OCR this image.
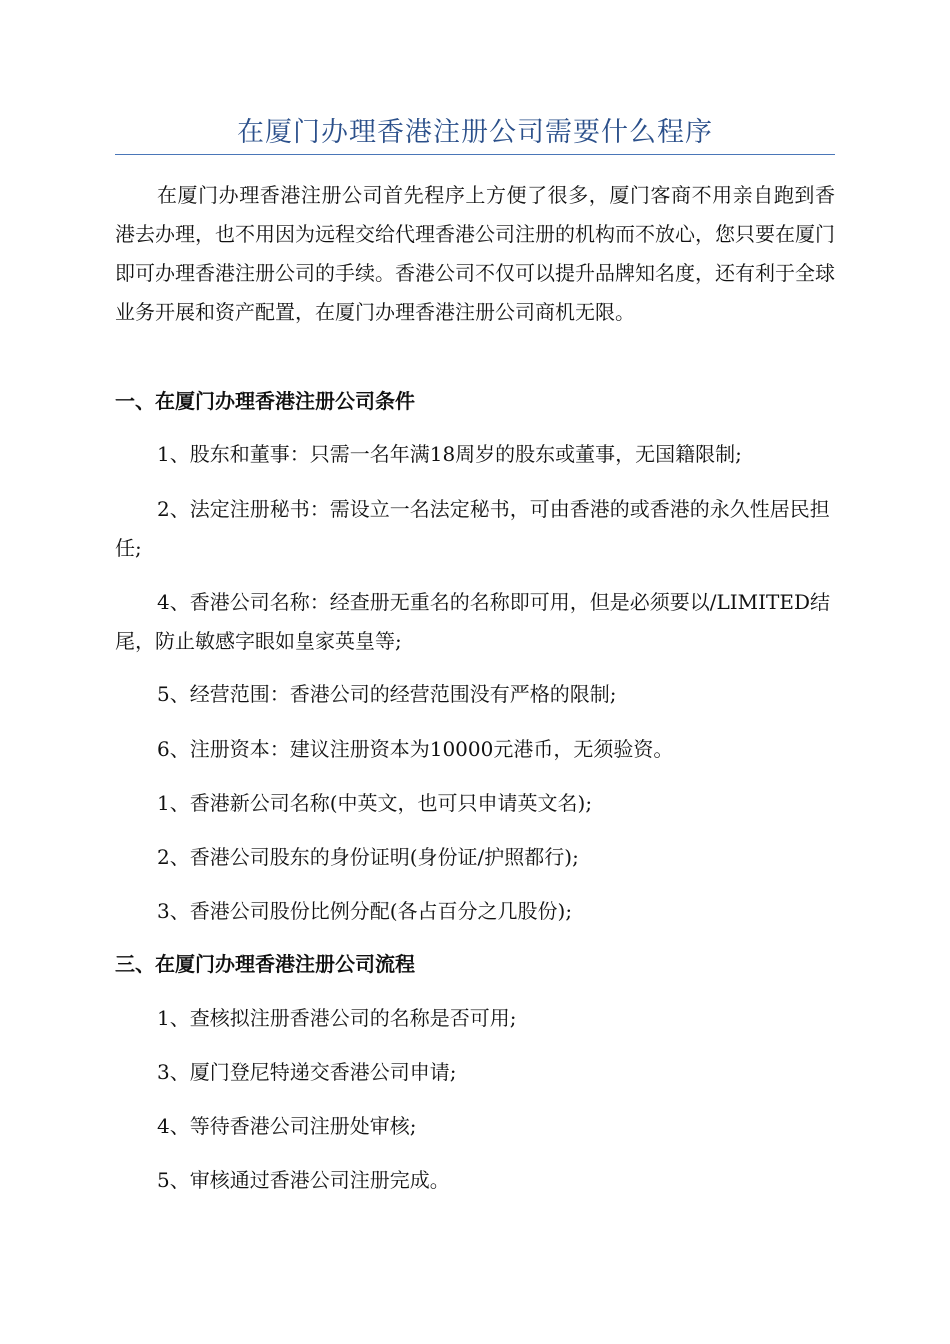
在厦门办理香港注册公司需要什么程序

在厦门办理香港注册公司首先程序上方便了很多，厦门客商不用亲自跑到香港去办理，也不用因为远程交给代理香港公司注册的机构而不放心，您只要在厦门即可办理香港注册公司的手续。香港公司不仅可以提升品牌知名度，还有利于全球业务开展和资产配置，在厦门办理香港注册公司商机无限。

一、在厦门办理香港注册公司条件

1、股东和董事：只需一名年满18周岁的股东或董事，无国籍限制;

2、法定注册秘书：需设立一名法定秘书，可由香港的或香港的永久性居民担任;

4、香港公司名称：经查册无重名的名称即可用，但是必须要以/LIMITED结尾，防止敏感字眼如皇家英皇等;

5、经营范围：香港公司的经营范围没有严格的限制;

6、注册资本：建议注册资本为10000元港币，无须验资。

1、香港新公司名称(中英文，也可只申请英文名);

2、香港公司股东的身份证明(身份证/护照都行);

3、香港公司股份比例分配(各占百分之几股份);

三、在厦门办理香港注册公司流程

1、查核拟注册香港公司的名称是否可用;

3、厦门登尼特递交香港公司申请;

4、等待香港公司注册处审核;

5、审核通过香港公司注册完成。
